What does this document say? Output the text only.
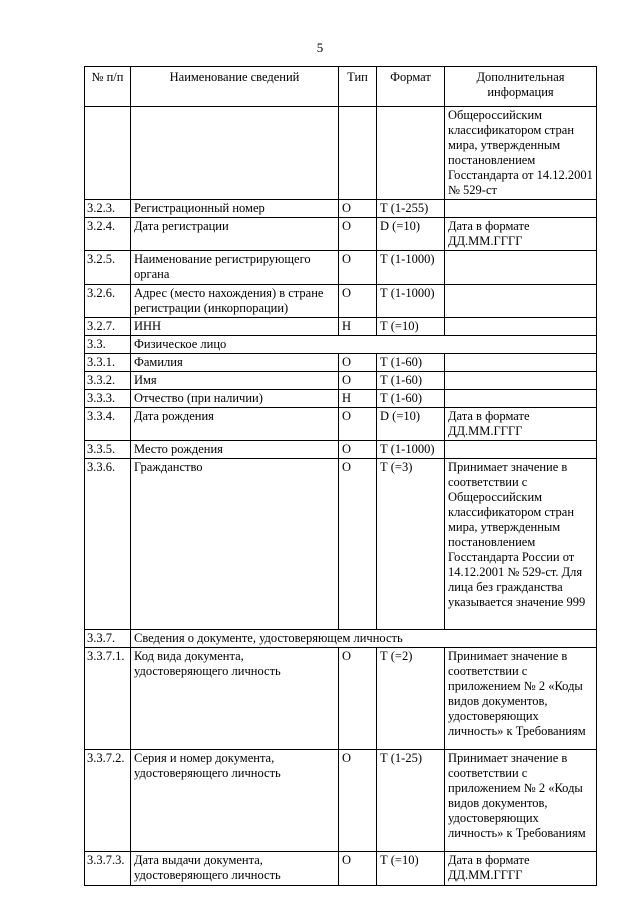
5
№ п/п	Наименование сведений	Тип	Формат	Дополнительная информация
				Общероссийским классификатором стран мира, утвержденным постановлением Госстандарта от 14.12.2001 № 529-ст
3.2.3.	Регистрационный номер	О	Т (1-255)	
3.2.4.	Дата регистрации	О	D (=10)	Дата в формате ДД.ММ.ГГГГ
3.2.5.	Наименование регистрирующего органа	О	Т (1-1000)	
3.2.6.	Адрес (место нахождения) в стране регистрации (инкорпорации)	О	Т (1-1000)	
3.2.7.	ИНН	Н	Т (=10)	
3.3.	Физическое лицо			
3.3.1.	Фамилия	О	Т (1-60)	
3.3.2.	Имя	О	Т (1-60)	
3.3.3.	Отчество (при наличии)	Н	Т (1-60)	
3.3.4.	Дата рождения	О	D (=10)	Дата в формате ДД.ММ.ГГГГ
3.3.5.	Место рождения	О	Т (1-1000)	
3.3.6.	Гражданство	О	Т (=3)	Принимает значение в соответствии с Общероссийским классификатором стран мира, утвержденным постановлением Госстандарта России от 14.12.2001 № 529-ст. Для лица без гражданства указывается значение 999
3.3.7.	Сведения о документе, удостоверяющем личность			
3.3.7.1.	Код вида документа, удостоверяющего личность	О	Т (=2)	Принимает значение в соответствии с приложением № 2 «Коды видов документов, удостоверяющих личность» к Требованиям
3.3.7.2.	Серия и номер документа, удостоверяющего личность	О	Т (1-25)	Принимает значение в соответствии с приложением № 2 «Коды видов документов, удостоверяющих личность» к Требованиям
3.3.7.3.	Дата выдачи документа, удостоверяющего личность	О	Т (=10)	Дата в формате ДД.ММ.ГГГГ
